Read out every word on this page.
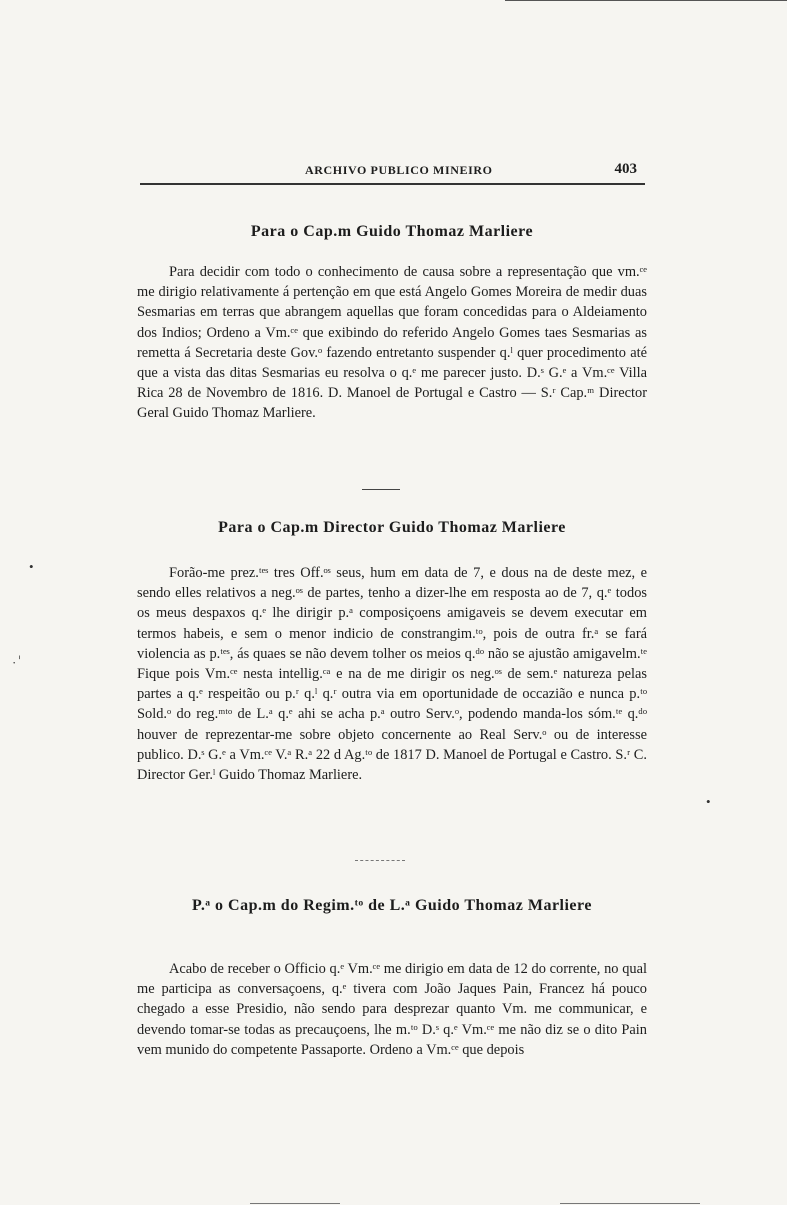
ARCHIVO PUBLICO MINEIRO	403
Para o Cap.m Guido Thomaz Marliere

Para decidir com todo o conhecimento de causa sobre a representação que vm.ᶜᵉ me dirigio relativamente á pertenção em que está Angelo Gomes Moreira de medir duas Sesmarias em terras que abrangem aquellas que foram concedidas para o Aldeiamento dos Indios; Ordeno a Vm.ᶜᵉ que exibindo do referido Angelo Gomes taes Sesmarias as remetta á Secretaria deste Gov.ᵒ fazendo entretanto suspender q.ˡ quer procedimento até que a vista das ditas Sesmarias eu resolva o q.ᵉ me parecer justo. D.ˢ G.ᵉ a Vm.ᶜᵉ Villa Rica 28 de Novembro de 1816. D. Manoel de Portugal e Castro — S.ʳ Cap.ᵐ Director Geral Guido Thomaz Marliere.

Para o Cap.m Director Guido Thomaz Marliere

Forão-me prez.ᵗᵉˢ tres Off.ᵒˢ seus, hum em data de 7, e dous na de deste mez, e sendo elles relativos a neg.ᵒˢ de partes, tenho a dizer-lhe em resposta ao de 7, q.ᵉ todos os meus despaxos q.ᵉ lhe dirigir p.ᵃ composiçoens amigaveis se devem executar em termos habeis, e sem o menor indicio de constrangim.ᵗᵒ, pois de outra fr.ᵃ se fará violencia as p.ᵗᵉˢ, ás quaes se não devem tolher os meios q.ᵈᵒ não se ajustão amigavelm.ᵗᵉ Fique pois Vm.ᶜᵉ nesta intellig.ᶜᵃ e na de me dirigir os neg.ᵒˢ de sem.ᵉ natureza pelas partes a q.ᵉ respeitão ou p.ʳ q.ˡ q.ʳ outra via em oportunidade de occazião e nunca p.ᵗᵒ Sold.ᵒ do reg.ᵐᵗᵒ de L.ᵃ q.ᵉ ahi se acha p.ᵃ outro Serv.ᵒ, podendo manda-los sóm.ᵗᵉ q.ᵈᵒ houver de reprezentar-me sobre objeto concernente ao Real Serv.ᵒ ou de interesse publico. D.ˢ G.ᵉ a Vm.ᶜᵉ V.ᵃ R.ᵃ 22 d Ag.ᵗᵒ de 1817 D. Manoel de Portugal e Castro. S.ʳ C. Director Ger.ˡ Guido Thomaz Marliere.

P.ᵃ o Cap.m do Regim.ᵗᵒ de L.ᵃ Guido Thomaz Marliere

Acabo de receber o Officio q.ᵉ Vm.ᶜᵉ me dirigio em data de 12 do corrente, no qual me participa as conversaçoens, q.ᵉ tivera com João Jaques Pain, Francez há pouco chegado a esse Presidio, não sendo para desprezar quanto Vm. me communicar, e devendo tomar-se todas as precauçoens, lhe m.ᵗᵒ D.ˢ q.ᵉ Vm.ᶜᵉ me não diz se o dito Pain vem munido do competente Passaporte. Ordeno a Vm.ᶜᵉ que depois

•
· ٰ
•
